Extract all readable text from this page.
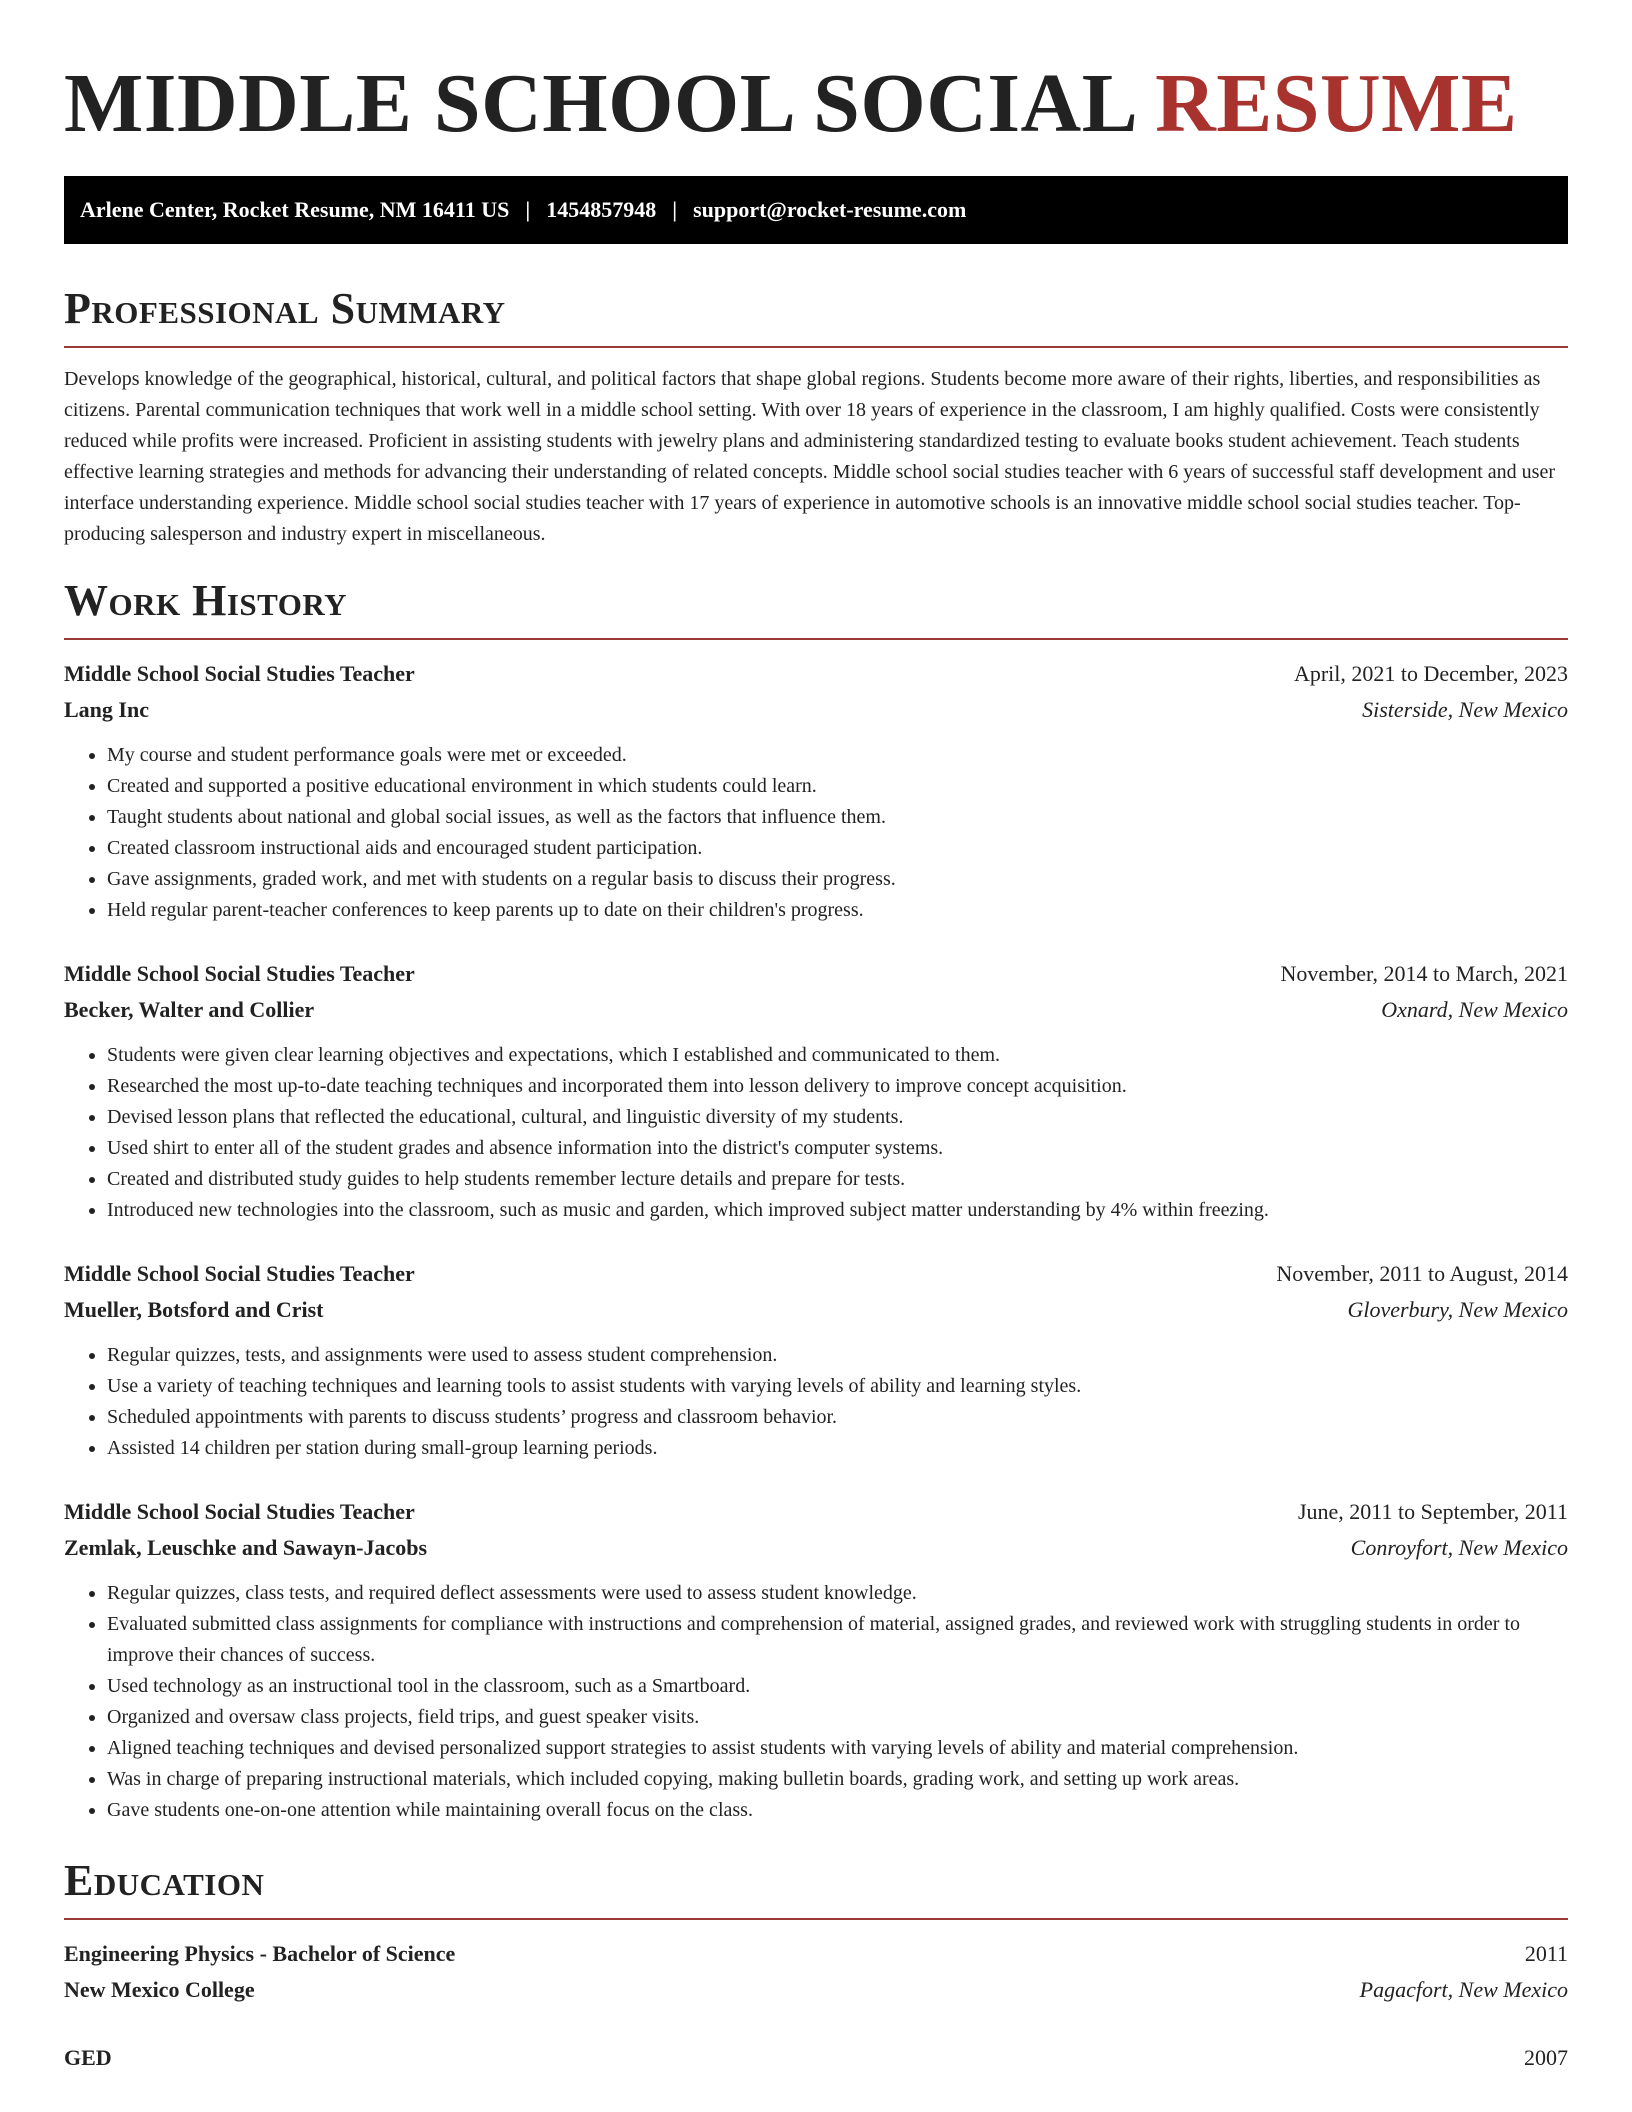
MIDDLE SCHOOL SOCIAL RESUME
Arlene Center, Rocket Resume, NM 16411 US | 1454857948 | support@rocket-resume.com
Professional Summary

Develops knowledge of the geographical, historical, cultural, and political factors that shape global regions. Students become more aware of their rights, liberties, and responsibilities as citizens. Parental communication techniques that work well in a middle school setting. With over 18 years of experience in the classroom, I am highly qualified. Costs were consistently reduced while profits were increased. Proficient in assisting students with jewelry plans and administering standardized testing to evaluate books student achievement. Teach students effective learning strategies and methods for advancing their understanding of related concepts. Middle school social studies teacher with 6 years of successful staff development and user interface understanding experience. Middle school social studies teacher with 17 years of experience in automotive schools is an innovative middle school social studies teacher. Top-producing salesperson and industry expert in miscellaneous.

Work History
Middle School Social Studies Teacher	April, 2021 to December, 2023
Lang Inc	Sisterside, New Mexico
• My course and student performance goals were met or exceeded.
• Created and supported a positive educational environment in which students could learn.
• Taught students about national and global social issues, as well as the factors that influence them.
• Created classroom instructional aids and encouraged student participation.
• Gave assignments, graded work, and met with students on a regular basis to discuss their progress.
• Held regular parent-teacher conferences to keep parents up to date on their children's progress.
Middle School Social Studies Teacher	November, 2014 to March, 2021
Becker, Walter and Collier	Oxnard, New Mexico
• Students were given clear learning objectives and expectations, which I established and communicated to them.
• Researched the most up-to-date teaching techniques and incorporated them into lesson delivery to improve concept acquisition.
• Devised lesson plans that reflected the educational, cultural, and linguistic diversity of my students.
• Used shirt to enter all of the student grades and absence information into the district's computer systems.
• Created and distributed study guides to help students remember lecture details and prepare for tests.
• Introduced new technologies into the classroom, such as music and garden, which improved subject matter understanding by 4% within freezing.
Middle School Social Studies Teacher	November, 2011 to August, 2014
Mueller, Botsford and Crist	Gloverbury, New Mexico
• Regular quizzes, tests, and assignments were used to assess student comprehension.
• Use a variety of teaching techniques and learning tools to assist students with varying levels of ability and learning styles.
• Scheduled appointments with parents to discuss students’ progress and classroom behavior.
• Assisted 14 children per station during small-group learning periods.
Middle School Social Studies Teacher	June, 2011 to September, 2011
Zemlak, Leuschke and Sawayn-Jacobs	Conroyfort, New Mexico
• Regular quizzes, class tests, and required deflect assessments were used to assess student knowledge.
• Evaluated submitted class assignments for compliance with instructions and comprehension of material, assigned grades, and reviewed work with struggling students in order to improve their chances of success.
• Used technology as an instructional tool in the classroom, such as a Smartboard.
• Organized and oversaw class projects, field trips, and guest speaker visits.
• Aligned teaching techniques and devised personalized support strategies to assist students with varying levels of ability and material comprehension.
• Was in charge of preparing instructional materials, which included copying, making bulletin boards, grading work, and setting up work areas.
• Gave students one-on-one attention while maintaining overall focus on the class.
Education
Engineering Physics - Bachelor of Science	2011
New Mexico College	Pagacfort, New Mexico
GED	2007
